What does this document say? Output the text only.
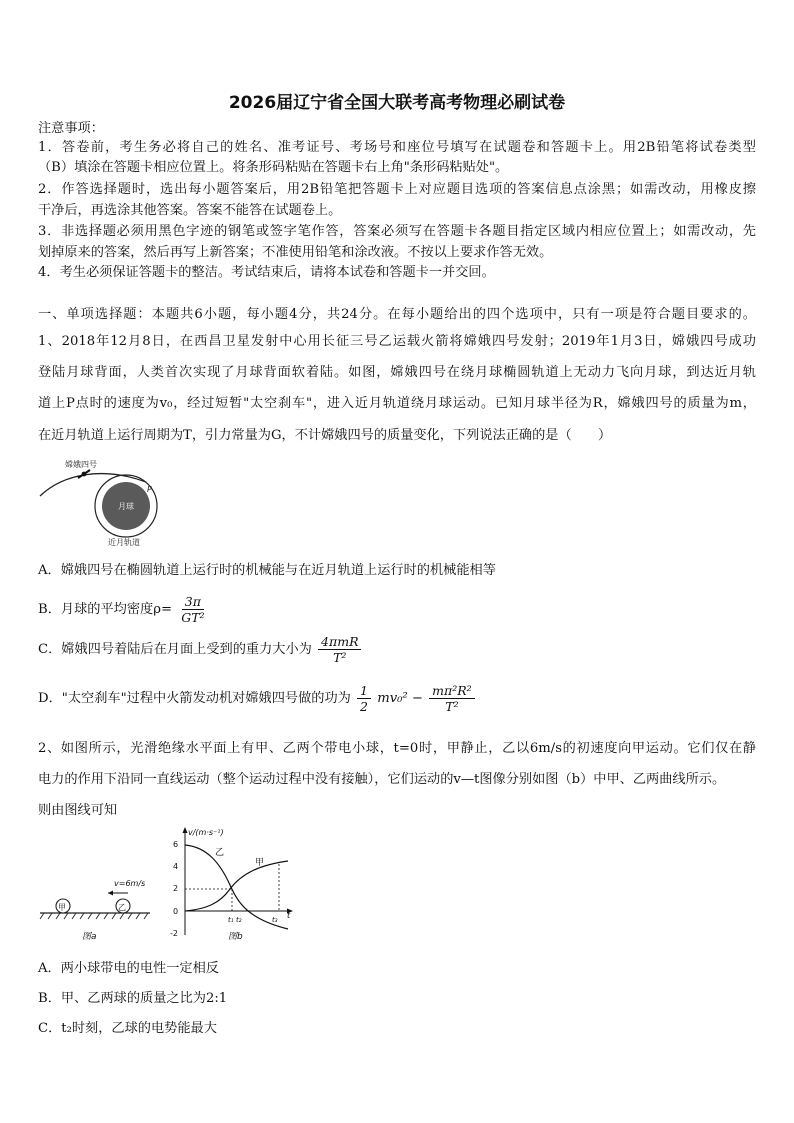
2026届辽宁省全国大联考高考物理必刷试卷
注意事项：
1．答卷前，考生务必将自己的姓名、准考证号、考场号和座位号填写在试题卷和答题卡上。用2B铅笔将试卷类型
（B）填涂在答题卡相应位置上。将条形码粘贴在答题卡右上角"条形码粘贴处"。
2．作答选择题时，选出每小题答案后，用2B铅笔把答题卡上对应题目选项的答案信息点涂黑；如需改动，用橡皮擦
干净后，再选涂其他答案。答案不能答在试题卷上。
3．非选择题必须用黑色字迹的钢笔或签字笔作答，答案必须写在答题卡各题目指定区域内相应位置上；如需改动，先
划掉原来的答案，然后再写上新答案；不准使用铅笔和涂改液。不按以上要求作答无效。
4．考生必须保证答题卡的整洁。考试结束后，请将本试卷和答题卡一并交回。
一、单项选择题：本题共6小题，每小题4分，共24分。在每小题给出的四个选项中，只有一项是符合题目要求的。
1、2018年12月8日，在西昌卫星发射中心用长征三号乙运载火箭将嫦娥四号发射；2019年1月3日，嫦娥四号成功
登陆月球背面，人类首次实现了月球背面软着陆。如图，嫦娥四号在绕月球椭圆轨道上无动力飞向月球，到达近月轨
道上P点时的速度为v₀，经过短暂"太空刹车"，进入近月轨道绕月球运动。已知月球半径为R，嫦娥四号的质量为m，
在近月轨道上运行周期为T，引力常量为G，不计嫦娥四号的质量变化，下列说法正确的是（　　）
嫦娥四号
月球
P
近月轨道
A．嫦娥四号在椭圆轨道上运行时的机械能与在近月轨道上运行时的机械能相等
B．月球的平均密度$\rho= \frac{3\pi}{\text{GT²}}$
C．嫦娥四号着陆后在月面上受到的重力大小为 $\frac{\text{4πmR}}{\text{T²}}$
D．"太空刹车"过程中火箭发动机对嫦娥四号做的功为 $\frac{1}{2} mv_0^2 - \frac{\text{mπ²R²}}{\text{T²}}$
2、如图所示，光滑绝缘水平面上有甲、乙两个带电小球，t=0时，甲静止，乙以6m/s的初速度向甲运动。它们仅在静
电力的作用下沿同一直线运动（整个运动过程中没有接触），它们运动的v—t图像分别如图（b）中甲、乙两曲线所示。
则由图线可知
甲	乙
v=6m/s
图a
v/(m·s⁻¹)
t
6
4
2
0
-2
乙
甲
t₁ t₂	t₃
图b
A．两小球带电的电性一定相反
B．甲、乙两球的质量之比为2:1
C．t₂时刻，乙球的电势能最大
